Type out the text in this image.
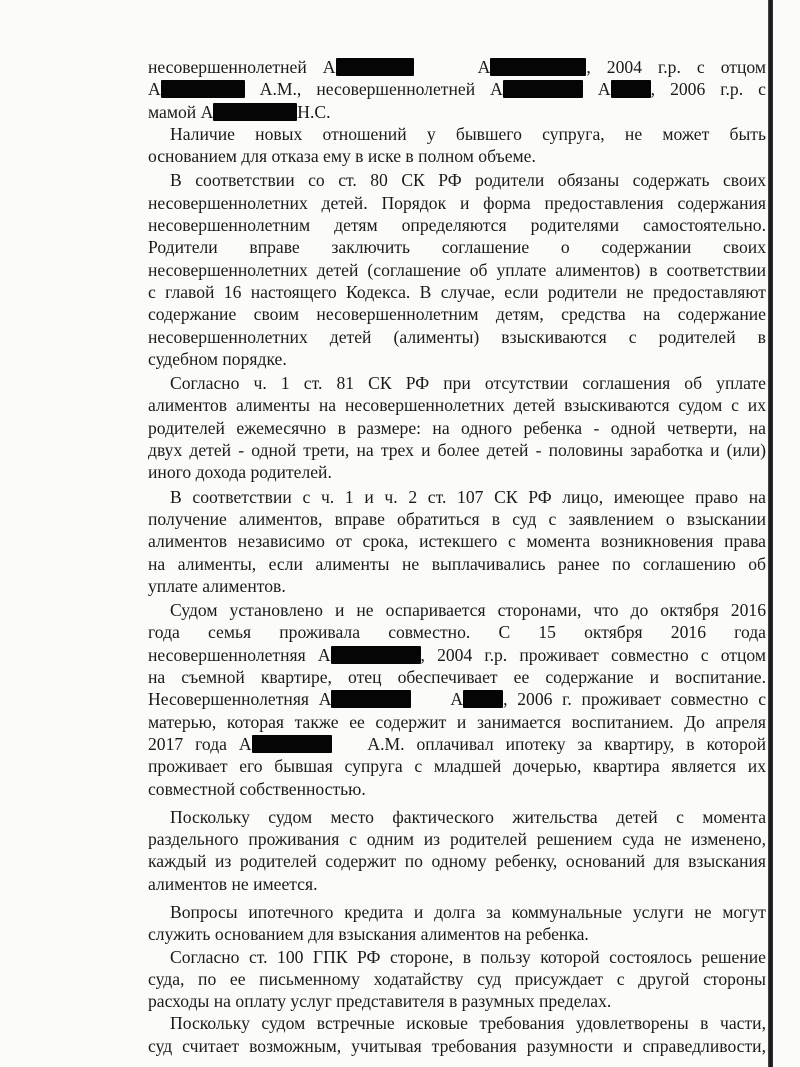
несовершеннолетней А	А	, 2004 г.р. с отцом
А	А.М., несовершеннолетней А	А , 2006 г.р. с
мамой А	Н.С.
Наличие новых отношений у бывшего супруга, не может быть
основанием для отказа ему в иске в полном объеме.
В соответствии со ст. 80 СК РФ родители обязаны содержать своих
несовершеннолетних детей. Порядок и форма предоставления содержания
несовершеннолетним детям определяются родителями самостоятельно.
Родители вправе заключить соглашение о содержании своих
несовершеннолетних детей (соглашение об уплате алиментов) в соответствии
с главой 16 настоящего Кодекса. В случае, если родители не предоставляют
содержание своим несовершеннолетним детям, средства на содержание
несовершеннолетних детей (алименты) взыскиваются с родителей в
судебном порядке.
Согласно ч. 1 ст. 81 СК РФ при отсутствии соглашения об уплате
алиментов алименты на несовершеннолетних детей взыскиваются судом с их
родителей ежемесячно в размере: на одного ребенка - одной четверти, на
двух детей - одной трети, на трех и более детей - половины заработка и (или)
иного дохода родителей.
В соответствии с ч. 1 и ч. 2 ст. 107 СК РФ лицо, имеющее право на
получение алиментов, вправе обратиться в суд с заявлением о взыскании
алиментов независимо от срока, истекшего с момента возникновения права
на алименты, если алименты не выплачивались ранее по соглашению об
уплате алиментов.
Судом установлено и не оспаривается сторонами, что до октября 2016
года семья проживала совместно. С 15 октября 2016 года
несовершеннолетняя А	, 2004 г.р. проживает совместно с отцом
на съемной квартире, отец обеспечивает ее содержание и воспитание.
Несовершеннолетняя А	А , 2006 г. проживает совместно с
матерью, которая также ее содержит и занимается воспитанием. До апреля
2017 года А	А.М. оплачивал ипотеку за квартиру, в которой
проживает его бывшая супруга с младшей дочерью, квартира является их
совместной собственностью.
Поскольку судом место фактического жительства детей с момента
раздельного проживания с одним из родителей решением суда не изменено,
каждый из родителей содержит по одному ребенку, оснований для взыскания
алиментов не имеется.
Вопросы ипотечного кредита и долга за коммунальные услуги не могут
служить основанием для взыскания алиментов на ребенка.
Согласно ст. 100 ГПК РФ стороне, в пользу которой состоялось решение
суда, по ее письменному ходатайству суд присуждает с другой стороны
расходы на оплату услуг представителя в разумных пределах.
Поскольку судом встречные исковые требования удовлетворены в части,
суд считает возможным, учитывая требования разумности и справедливости,
